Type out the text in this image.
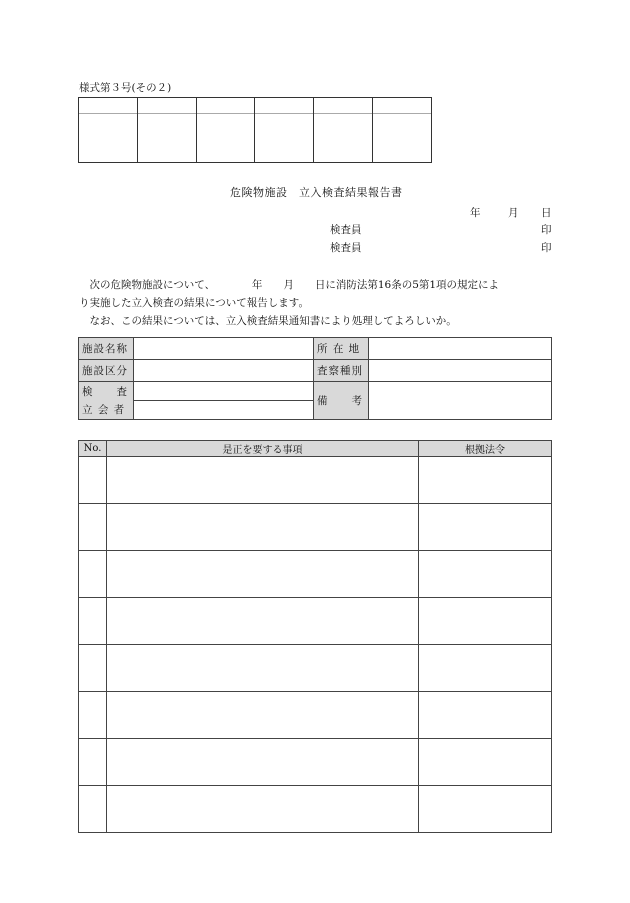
様式第３号(その２)
危険物施設　立入検査結果報告書
年	月 日
検査員	印
検査員	印
　次の危険物施設について、　　　　年　　月　　日に消防法第16条の5第1項の規定によ
り実施した立入検査の結果について報告します。
　なお、この結果については、立入検査結果通知書により処理してよろしいか。
施設名称		所 在 地	
施設区分		査察種別	
検　　査		備　　考	
立 会 者			
No.	是正を要する事項	根拠法令
